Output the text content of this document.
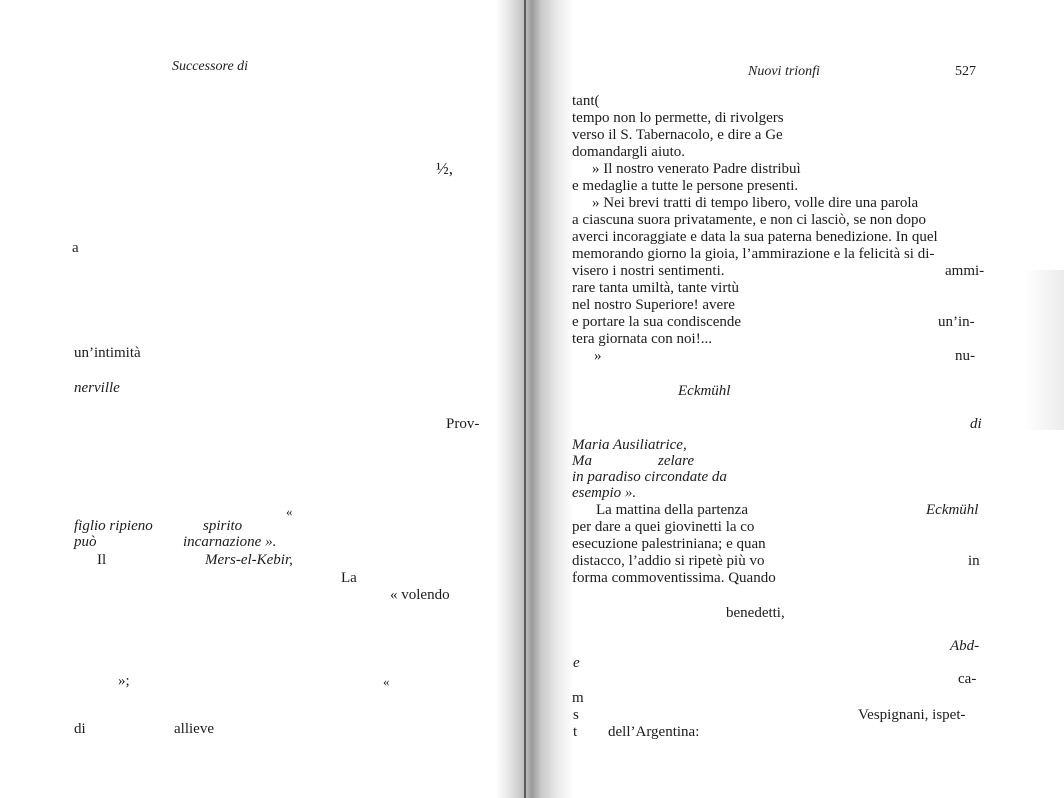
Successore di
½,
a
un’intimità
nerville
Prov-
«
figlio ripieno	spirito
può	incarnazione ».
Il	Mers-el-Kebir,
La
« volendo
»;	«
di	allieve
Nuovi trionfi	527
tant(
tempo non lo permette, di rivolgers
verso il S. Tabernacolo, e dire a Ge
domandargli aiuto.
» Il nostro venerato Padre distribuì
e medaglie a tutte le persone presenti.
» Nei brevi tratti di tempo libero, volle dire una parola
a ciascuna suora privatamente, e non ci lasciò, se non dopo
averci incoraggiate e data la sua paterna benedizione. In quel
memorando giorno la gioia, l’ammirazione e la felicità si di-
visero i nostri sentimenti.
rare tanta umiltà, tante virtù
nel nostro Superiore! avere
e portare la sua condiscende
tera giornata con noi!...
»
ammi-
un’in-
nu-
Eckmühl
di
Maria Ausiliatrice,
Ma	zelare
in paradiso circondate da
esempio ».
La mattina della partenza
per dare a quei giovinetti la co
esecuzione palestriniana; e quan
distacco, l’addio si ripetè più vo
forma commoventissima. Quando
Eckmühl
in
benedetti,
Abd-
e
ca-
m
s	Vespignani, ispet-
t dell’Argentina:
